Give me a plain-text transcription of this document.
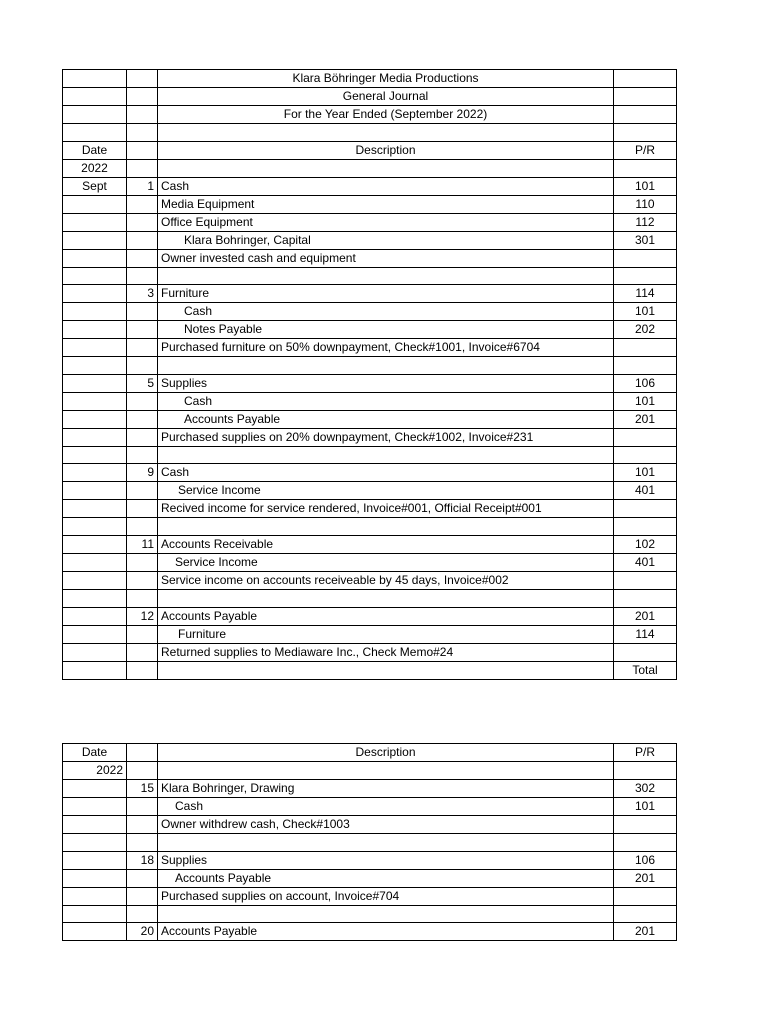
		Klara Böhringer Media Productions	
		General Journal	
		For the Year Ended (September 2022)	

Date		Description	P/R
2022			
Sept	1	Cash	101
		Media Equipment	110
		Office Equipment	112
		Klara Bohringer, Capital	301
		Owner invested cash and equipment	

	3	Furniture	114
		Cash	101
		Notes Payable	202
		Purchased furniture on 50% downpayment, Check#1001, Invoice#6704	

	5	Supplies	106
		Cash	101
		Accounts Payable	201
		Purchased supplies on 20% downpayment, Check#1002, Invoice#231	

	9	Cash	101
		Service Income	401
		Recived income for service rendered, Invoice#001, Official Receipt#001	

	11	Accounts Receivable	102
		Service Income	401
		Service income on accounts receiveable by 45 days, Invoice#002	

	12	Accounts Payable	201
		Furniture	114
		Returned supplies to Mediaware Inc., Check Memo#24	
			Total
Date		Description	P/R
2022			
	15	Klara Bohringer, Drawing	302
		Cash	101
		Owner withdrew cash, Check#1003	

	18	Supplies	106
		Accounts Payable	201
		Purchased supplies on account, Invoice#704	

	20	Accounts Payable	201
